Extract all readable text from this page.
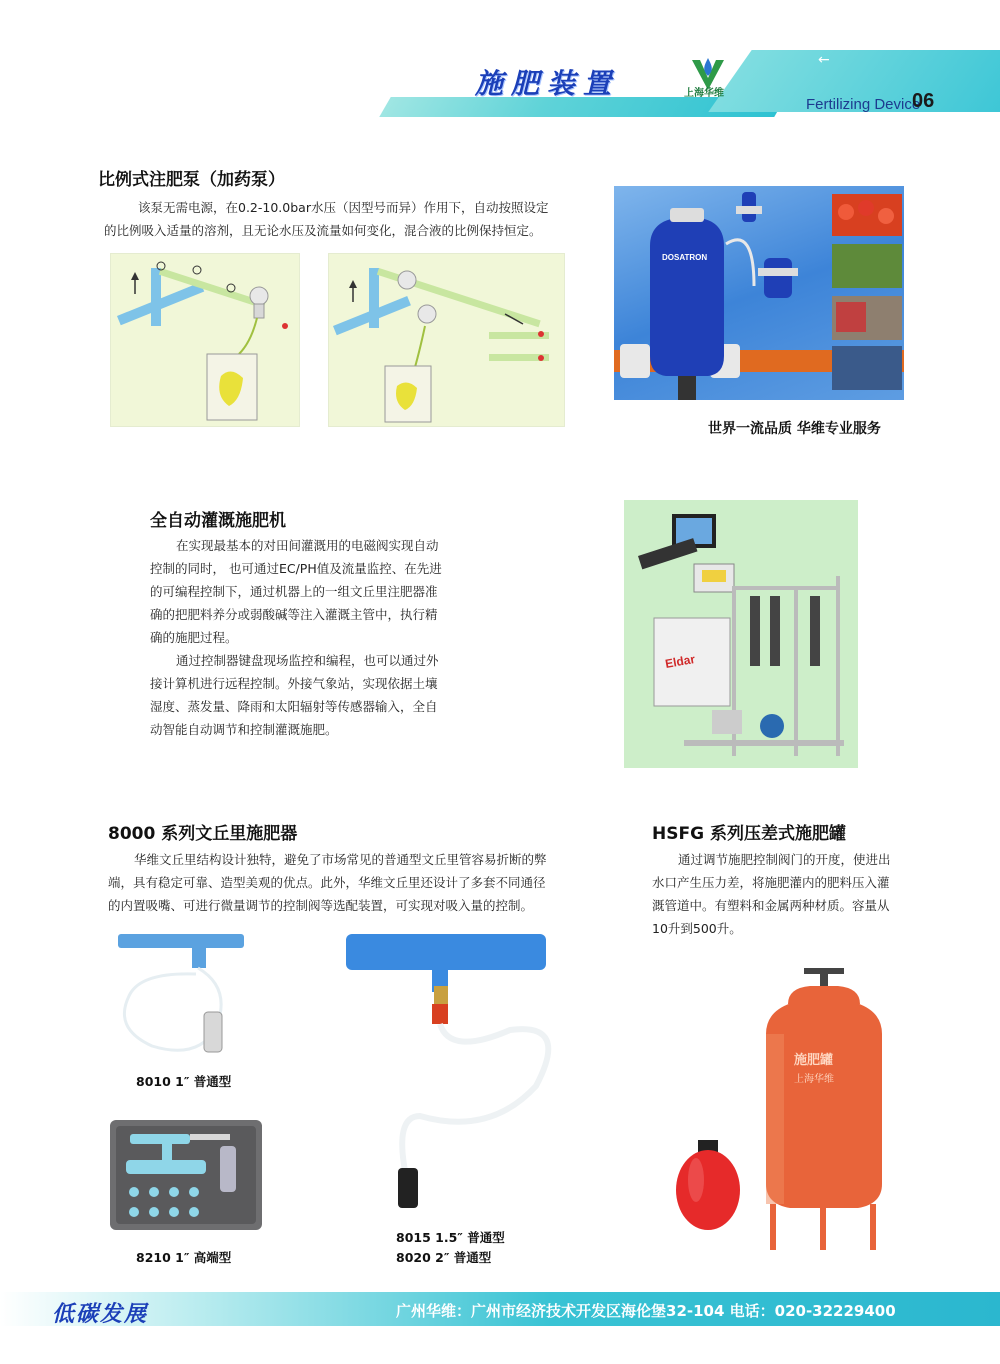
←
施肥装置	上海华维
Fertilizing Device
06
比例式注肥泵（加药泵）
该泵无需电源，在0.2-10.0bar水压（因型号而异）作用下，自动按照设定
的比例吸入适量的溶剂，且无论水压及流量如何变化，混合液的比例保持恒定。
DOSATRON
世界一流品质 华维专业服务
全自动灌溉施肥机
在实现最基本的对田间灌溉用的电磁阀实现自动
控制的同时， 也可通过EC/PH值及流量监控、在先进
的可编程控制下，通过机器上的一组文丘里注肥器准
确的把肥料养分或弱酸碱等注入灌溉主管中，执行精
确的施肥过程。
通过控制器键盘现场监控和编程，也可以通过外
接计算机进行远程控制。外接气象站，实现依据土壤
湿度、蒸发量、降雨和太阳辐射等传感器输入，全自
动智能自动调节和控制灌溉施肥。
Eldar
8000 系列文丘里施肥器
华维文丘里结构设计独特，避免了市场常见的普通型文丘里管容易折断的弊
端，具有稳定可靠、造型美观的优点。此外，华维文丘里还设计了多套不同通径
的内置吸嘴、可进行微量调节的控制阀等选配装置，可实现对吸入量的控制。
8010 1″ 普通型
8210 1″ 高端型
8015 1.5″ 普通型
8020 2″ 普通型
HSFG 系列压差式施肥罐
通过调节施肥控制阀门的开度，使进出
水口产生压力差，将施肥灌内的肥料压入灌
溉管道中。有塑料和金属两种材质。容量从
10升到500升。
施肥罐
上海华维
低碳发展	广州华维：广州市经济技术开发区海伦堡32-104 电话：020-32229400
